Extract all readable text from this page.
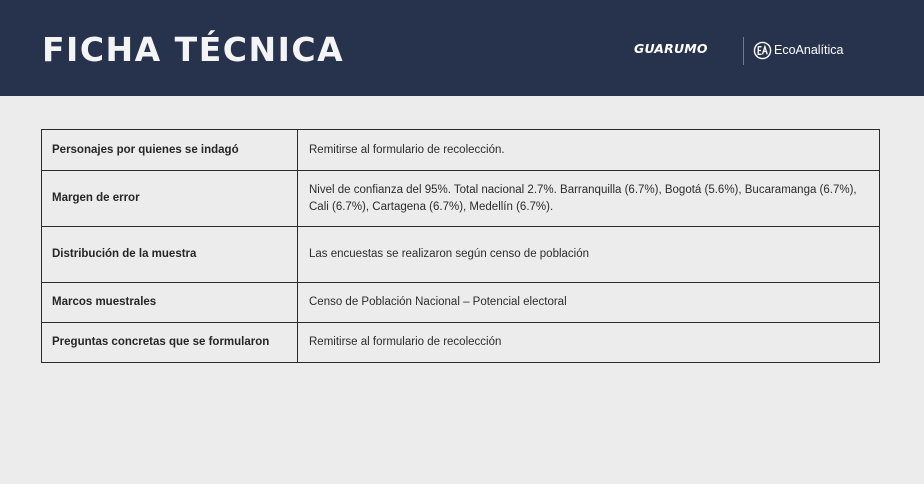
FICHA TÉCNICA	GUARUMO	EcoAnalítica
Personajes por quienes se indagó	Remitirse al formulario de recolección.
Margen de error	Nivel de confianza del 95%. Total nacional 2.7%. Barranquilla (6.7%), Bogotá (5.6%), Bucaramanga (6.7%), Cali (6.7%), Cartagena (6.7%), Medellín (6.7%).
Distribución de la muestra	Las encuestas se realizaron según censo de población
Marcos muestrales	Censo de Población Nacional – Potencial electoral
Preguntas concretas que se formularon	Remitirse al formulario de recolección
